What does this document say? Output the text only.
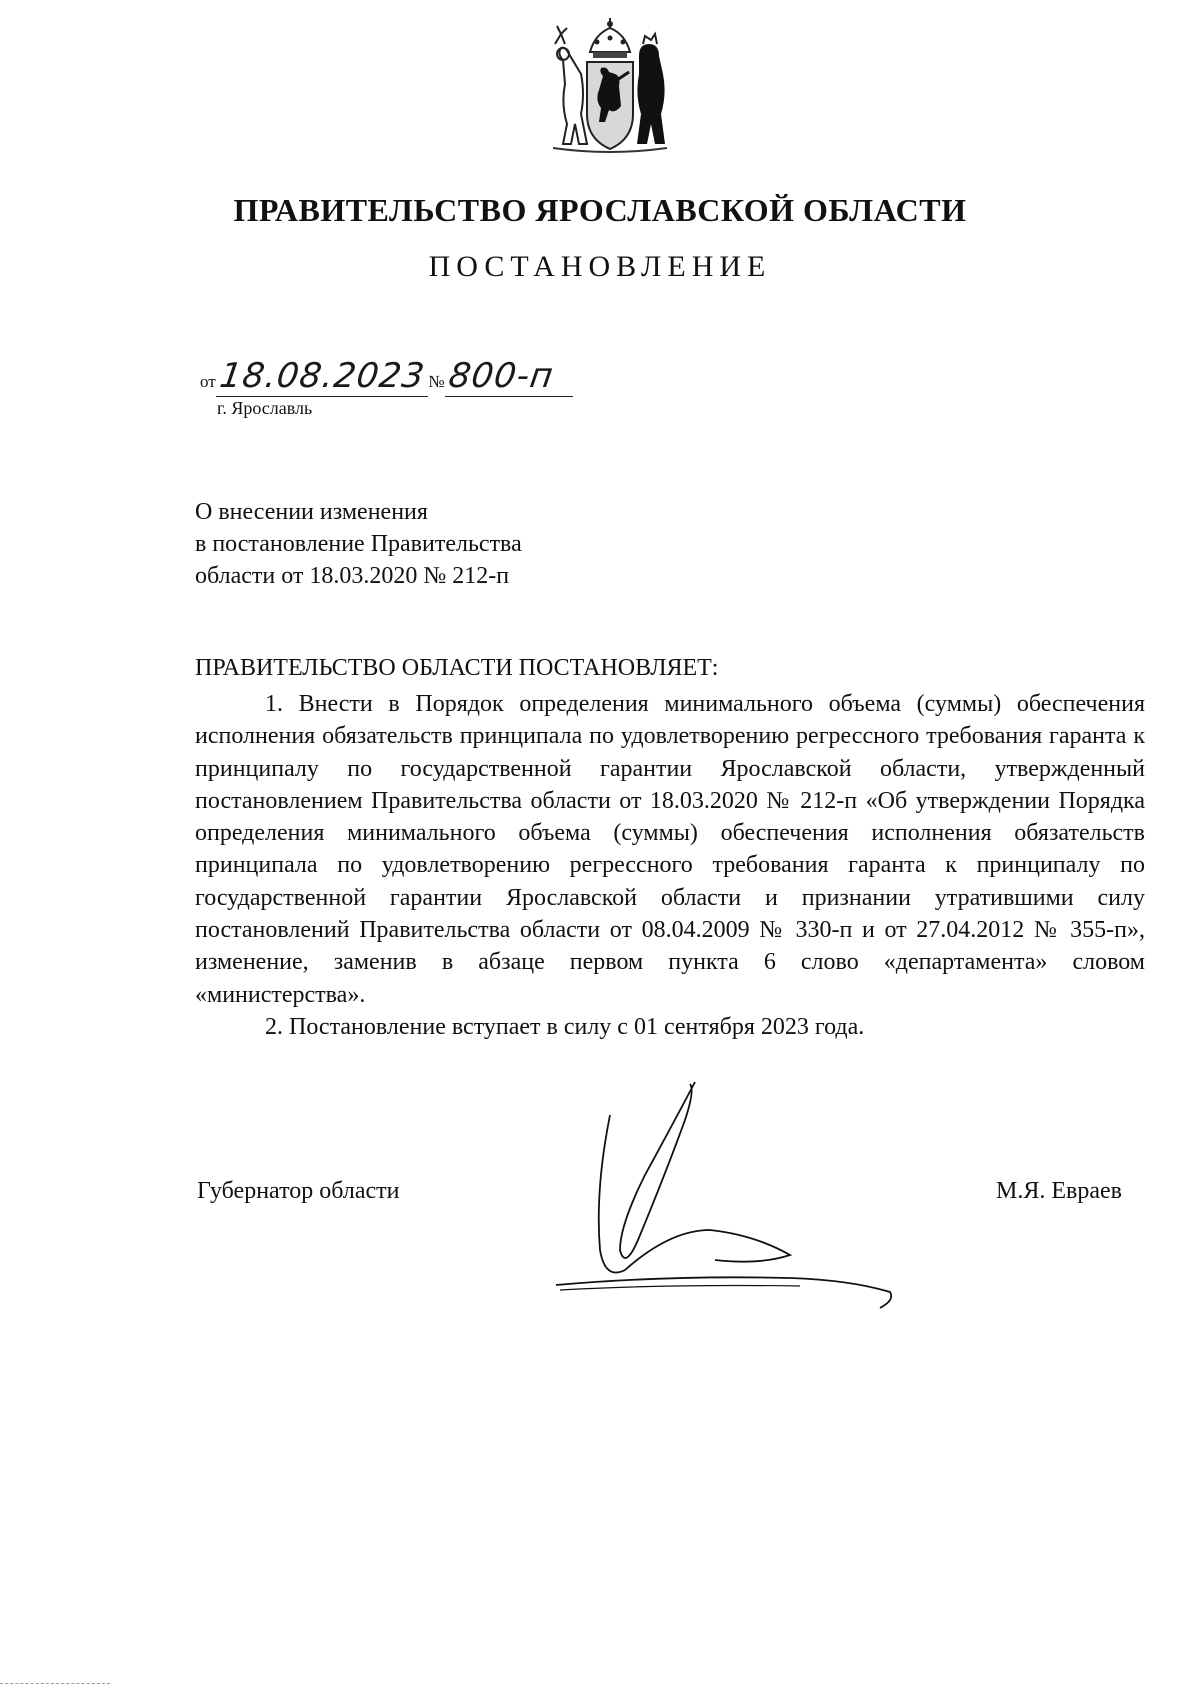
ПРАВИТЕЛЬСТВО ЯРОСЛАВСКОЙ ОБЛАСТИ
ПОСТАНОВЛЕНИЕ
от18.08.2023№800-п
г. Ярославль
О внесении изменения
в постановление Правительства
области от 18.03.2020 № 212-п
ПРАВИТЕЛЬСТВО ОБЛАСТИ ПОСТАНОВЛЯЕТ:

1. Внести в Порядок определения минимального объема (суммы) обеспечения исполнения обязательств принципала по удовлетворению регрессного требования гаранта к принципалу по государственной гарантии Ярославской области, утвержденный постановлением Правительства области от 18.03.2020 № 212-п «Об утверждении Порядка определения минимального объема (суммы) обеспечения исполнения обязательств принципала по удовлетворению регрессного требования гаранта к принципалу по государственной гарантии Ярославской области и признании утратившими силу постановлений Правительства области от 08.04.2009 № 330-п и от 27.04.2012 № 355-п», изменение, заменив в абзаце первом пункта 6 слово «департамента» словом «министерства».

2. Постановление вступает в силу с 01 сентября 2023 года.

Губернатор области	М.Я. Евраев
